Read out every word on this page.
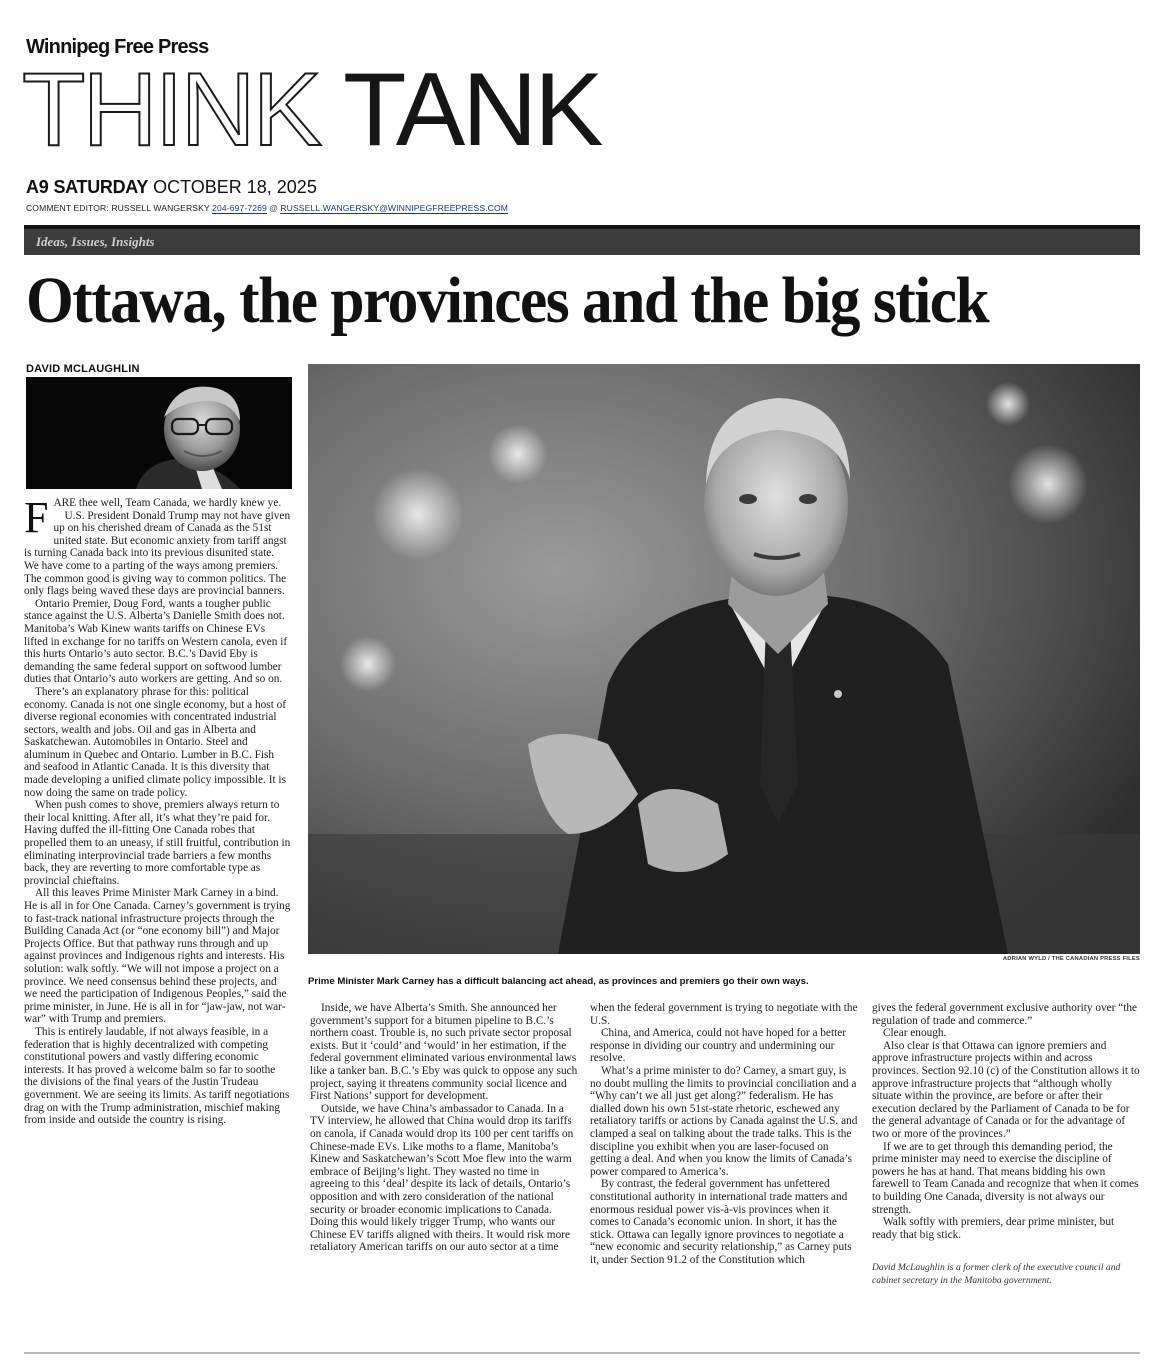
Winnipeg Free Press
THINK TANK
A9 SATURDAY OCTOBER 18, 2025
COMMENT EDITOR: RUSSELL WANGERSKY 204-697-7269 @ RUSSELL.WANGERSKY@WINNIPEGFREEPRESS.COM
Ideas, Issues, Insights
Ottawa, the provinces and the big stick
DAVID MCLAUGHLIN
ADRIAN WYLD / THE CANADIAN PRESS FILES
Prime Minister Mark Carney has a difficult balancing act ahead, as provinces and premiers go their own ways.

FARE thee well, Team Canada, we hardly knew ye.

U.S. President Donald Trump may not have given up on his cherished dream of Canada as the 51st united state. But economic anxiety from tariff angst is turning Canada back into its previous disunited state. We have come to a parting of the ways among premiers. The common good is giving way to common politics. The only flags being waved these days are provincial banners.

Ontario Premier, Doug Ford, wants a tougher public stance against the U.S. Alberta’s Danielle Smith does not. Manitoba’s Wab Kinew wants tariffs on Chinese EVs lifted in exchange for no tariffs on Western canola, even if this hurts Ontario’s auto sector. B.C.’s David Eby is demanding the same federal support on softwood lumber duties that Ontario’s auto workers are getting. And so on.

There’s an explanatory phrase for this: political economy. Canada is not one single economy, but a host of diverse regional economies with concentrated industrial sectors, wealth and jobs. Oil and gas in Alberta and Saskatchewan. Automobiles in Ontario. Steel and aluminum in Quebec and Ontario. Lumber in B.C. Fish and seafood in Atlantic Canada. It is this diversity that made developing a unified climate policy impossible. It is now doing the same on trade policy.

When push comes to shove, premiers always return to their local knitting. After all, it’s what they’re paid for. Having duffed the ill-fitting One Canada robes that propelled them to an uneasy, if still fruitful, contribution in eliminating interprovincial trade barriers a few months back, they are reverting to more comfortable type as provincial chieftains.

All this leaves Prime Minister Mark Carney in a bind. He is all in for One Canada. Carney’s government is trying to fast-track national infrastructure projects through the Building Canada Act (or “one economy bill”) and Major Projects Office. But that pathway runs through and up against provinces and Indigenous rights and interests. His solution: walk softly. “We will not impose a project on a province. We need consensus behind these projects, and we need the participation of Indigenous Peoples,” said the prime minister, in June. He is all in for “jaw-jaw, not war-war” with Trump and premiers.

This is entirely laudable, if not always feasible, in a federation that is highly decentralized with competing constitutional powers and vastly differing economic interests. It has proved a welcome balm so far to soothe the divisions of the final years of the Justin Trudeau government. We are seeing its limits. As tariff negotiations drag on with the Trump administration, mischief making from inside and outside the country is rising.

Inside, we have Alberta’s Smith. She announced her government’s support for a bitumen pipeline to B.C.’s northern coast. Trouble is, no such private sector proposal exists. But it ‘could’ and ‘would’ in her estimation, if the federal government eliminated various environmental laws like a tanker ban. B.C.’s Eby was quick to oppose any such project, saying it threatens community social licence and First Nations’ support for development.

Outside, we have China’s ambassador to Canada. In a TV interview, he allowed that China would drop its tariffs on canola, if Canada would drop its 100 per cent tariffs on Chinese-made EVs. Like moths to a flame, Manitoba’s Kinew and Saskatchewan’s Scott Moe flew into the warm embrace of Beijing’s light. They wasted no time in agreeing to this ‘deal’ despite its lack of details, Ontario’s opposition and with zero consideration of the national security or broader economic implications to Canada. Doing this would likely trigger Trump, who wants our Chinese EV tariffs aligned with theirs. It would risk more retaliatory American tariffs on our auto sector at a time

when the federal government is trying to negotiate with the U.S.

China, and America, could not have hoped for a better response in dividing our country and undermining our resolve.

What’s a prime minister to do? Carney, a smart guy, is no doubt mulling the limits to provincial conciliation and a “Why can’t we all just get along?” federalism. He has dialled down his own 51st-state rhetoric, eschewed any retaliatory tariffs or actions by Canada against the U.S. and clamped a seal on talking about the trade talks. This is the discipline you exhibit when you are laser-focused on getting a deal. And when you know the limits of Canada’s power compared to America’s.

By contrast, the federal government has unfettered constitutional authority in international trade matters and enormous residual power vis-à-vis provinces when it comes to Canada’s economic union. In short, it has the stick. Ottawa can legally ignore provinces to negotiate a “new economic and security relationship,” as Carney puts it, under Section 91.2 of the Constitution which

gives the federal government exclusive authority over “the regulation of trade and commerce.”

Clear enough.

Also clear is that Ottawa can ignore premiers and approve infrastructure projects within and across provinces. Section 92.10 (c) of the Constitution allows it to approve infrastructure projects that “although wholly situate within the province, are before or after their execution declared by the Parliament of Canada to be for the general advantage of Canada or for the advantage of two or more of the provinces.”

If we are to get through this demanding period, the prime minister may need to exercise the discipline of powers he has at hand. That means bidding his own farewell to Team Canada and recognize that when it comes to building One Canada, diversity is not always our strength.

Walk softly with premiers, dear prime minister, but ready that big stick.

David McLaughlin is a former clerk of the executive council and cabinet secretary in the Manitoba government.
